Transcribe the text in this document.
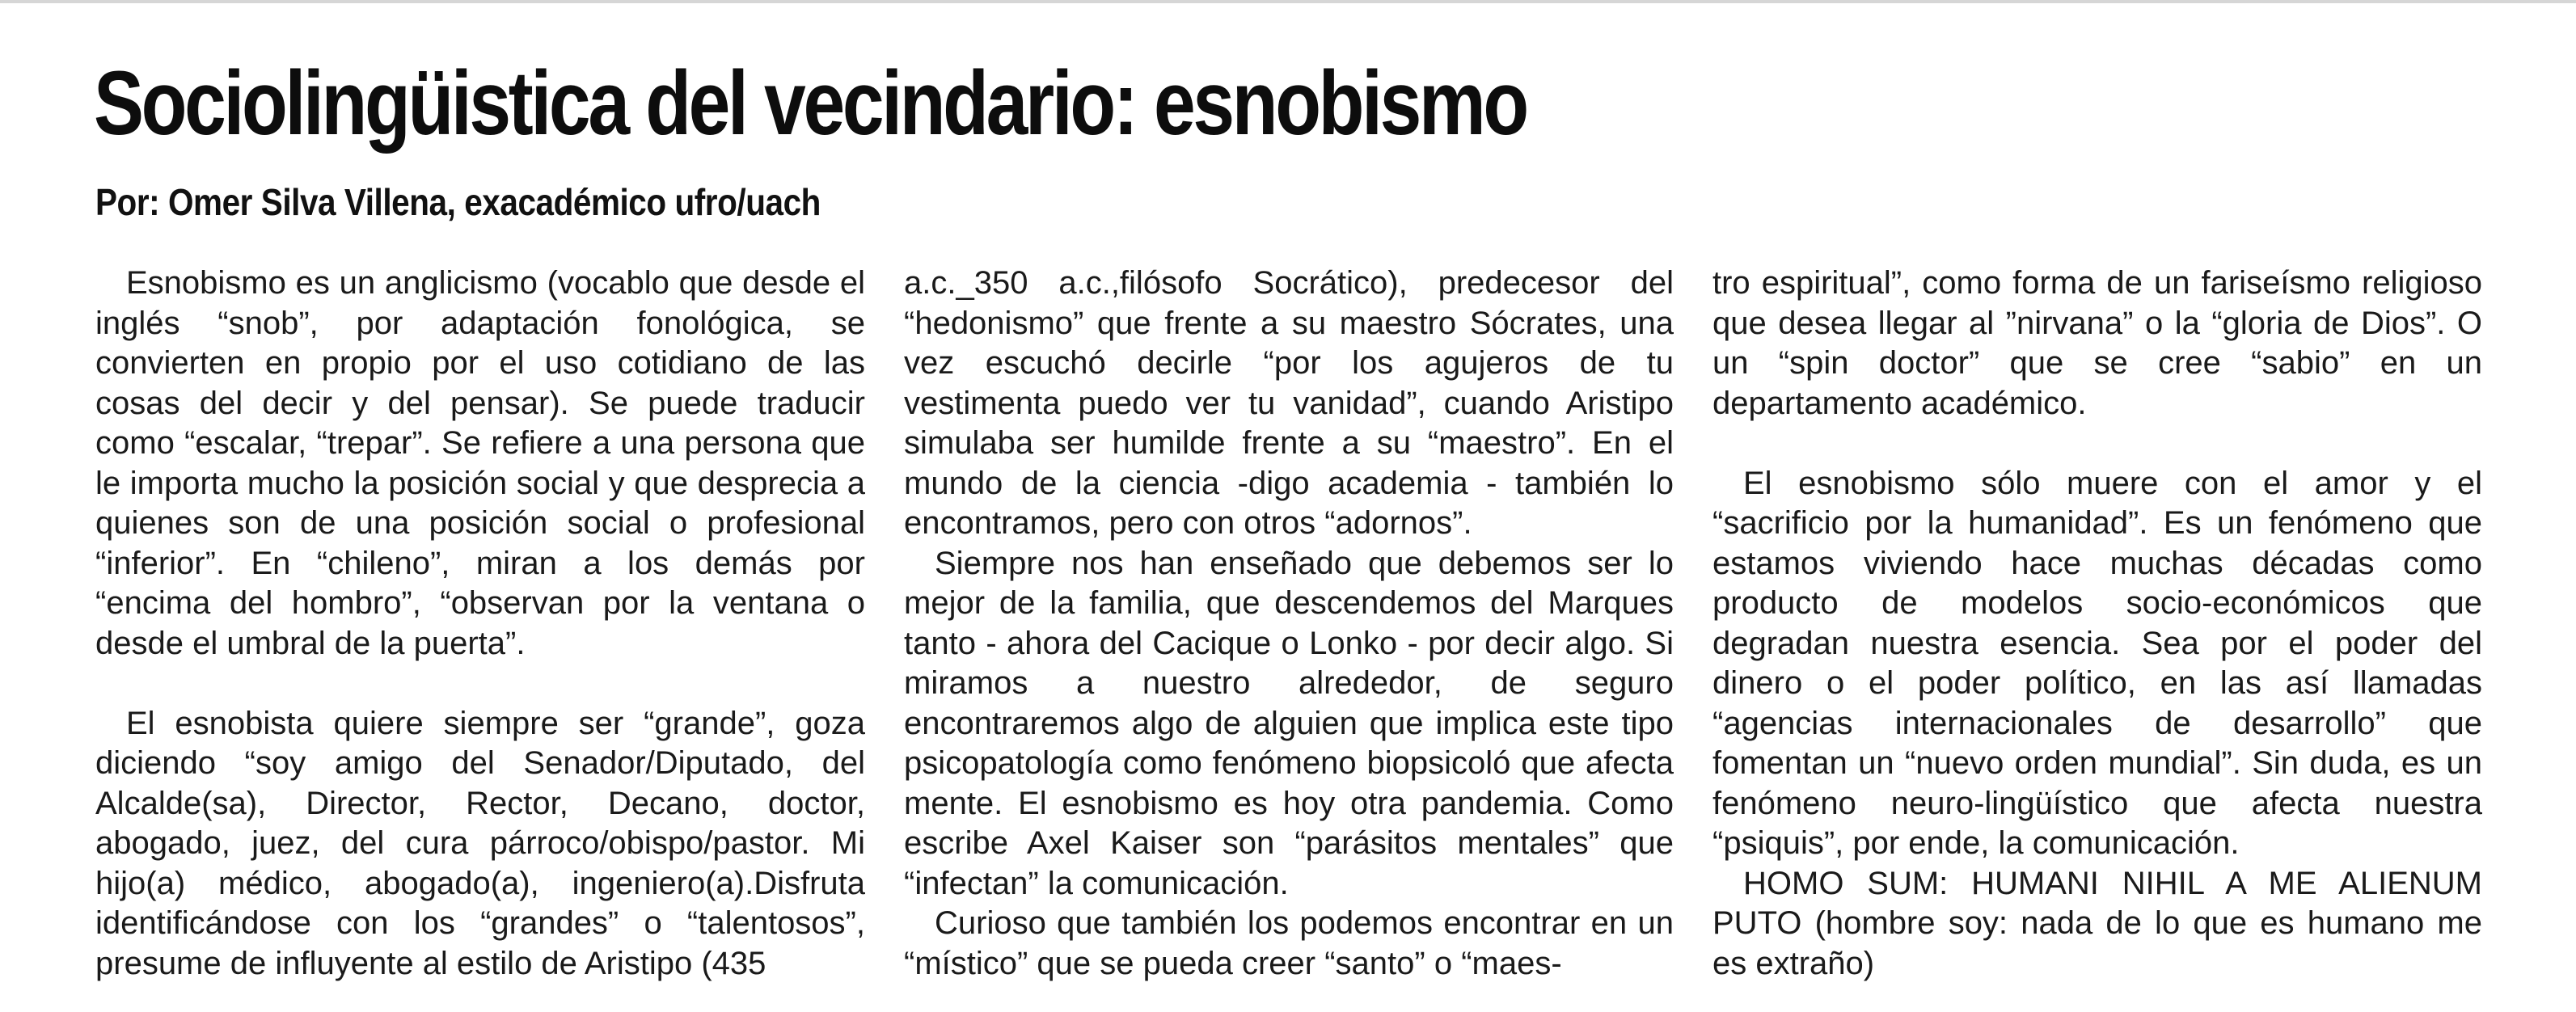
Sociolingüistica del vecindario: esnobismo
Por: Omer Silva Villena, exacadémico ufro/uach

Esnobismo es un anglicismo (vocablo que desde el inglés “snob”, por adaptación fonológica, se convierten en propio por el uso cotidiano de las cosas del decir y del pensar). Se puede traducir como “escalar, “trepar”. Se refiere a una persona que le importa mucho la posición social y que desprecia a quienes son de una posición social o profesional “inferior”. En “chileno”, miran a los demás por “encima del hombro”, “observan por la ventana o desde el umbral de la puerta”.

El esnobista quiere siempre ser “grande”, goza diciendo “soy amigo del Senador/Diputado, del Alcalde(sa), Director, Rector, Decano, doctor, abogado, juez, del cura párroco/obispo/pastor. Mi hijo(a) médico, abogado(a), ingeniero(a).Disfruta identificándose con los “grandes” o “talentosos”, presume de influyente al estilo de Aristipo (435

a.c._350 a.c.,filósofo Socrático), predecesor del “hedonismo” que frente a su maestro Sócrates, una vez escuchó decirle “por los agujeros de tu vestimenta puedo ver tu vanidad”, cuando Aristipo simulaba ser humilde frente a su “maestro”. En el mundo de la ciencia -digo academia - también lo encontramos, pero con otros “adornos”.

Siempre nos han enseñado que debemos ser lo mejor de la familia, que descendemos del Marques tanto - ahora del Cacique o Lonko - por decir algo. Si miramos a nuestro alrededor, de seguro encontraremos algo de alguien que implica este tipo psicopatología como fenómeno biopsicoló que afecta mente. El esnobismo es hoy otra pandemia. Como escribe Axel Kaiser son “parásitos mentales” que “infectan” la comunicación.

Curioso que también los podemos encontrar en un “místico” que se pueda creer “santo” o “maes-

tro espiritual”, como forma de un fariseísmo religioso que desea llegar al ”nirvana” o la “gloria de Dios”. O un “spin doctor” que se cree “sabio” en un departamento académico.

El esnobismo sólo muere con el amor y el “sacrificio por la humanidad”. Es un fenómeno que estamos viviendo hace muchas décadas como producto de modelos socio-económicos que degradan nuestra esencia. Sea por el poder del dinero o el poder político, en las así llamadas “agencias internacionales de desarrollo” que fomentan un “nuevo orden mundial”. Sin duda, es un fenómeno neuro-lingüístico que afecta nuestra “psiquis”, por ende, la comunicación.

HOMO SUM: HUMANI NIHIL A ME ALIENUM PUTO (hombre soy: nada de lo que es humano me es extraño)
